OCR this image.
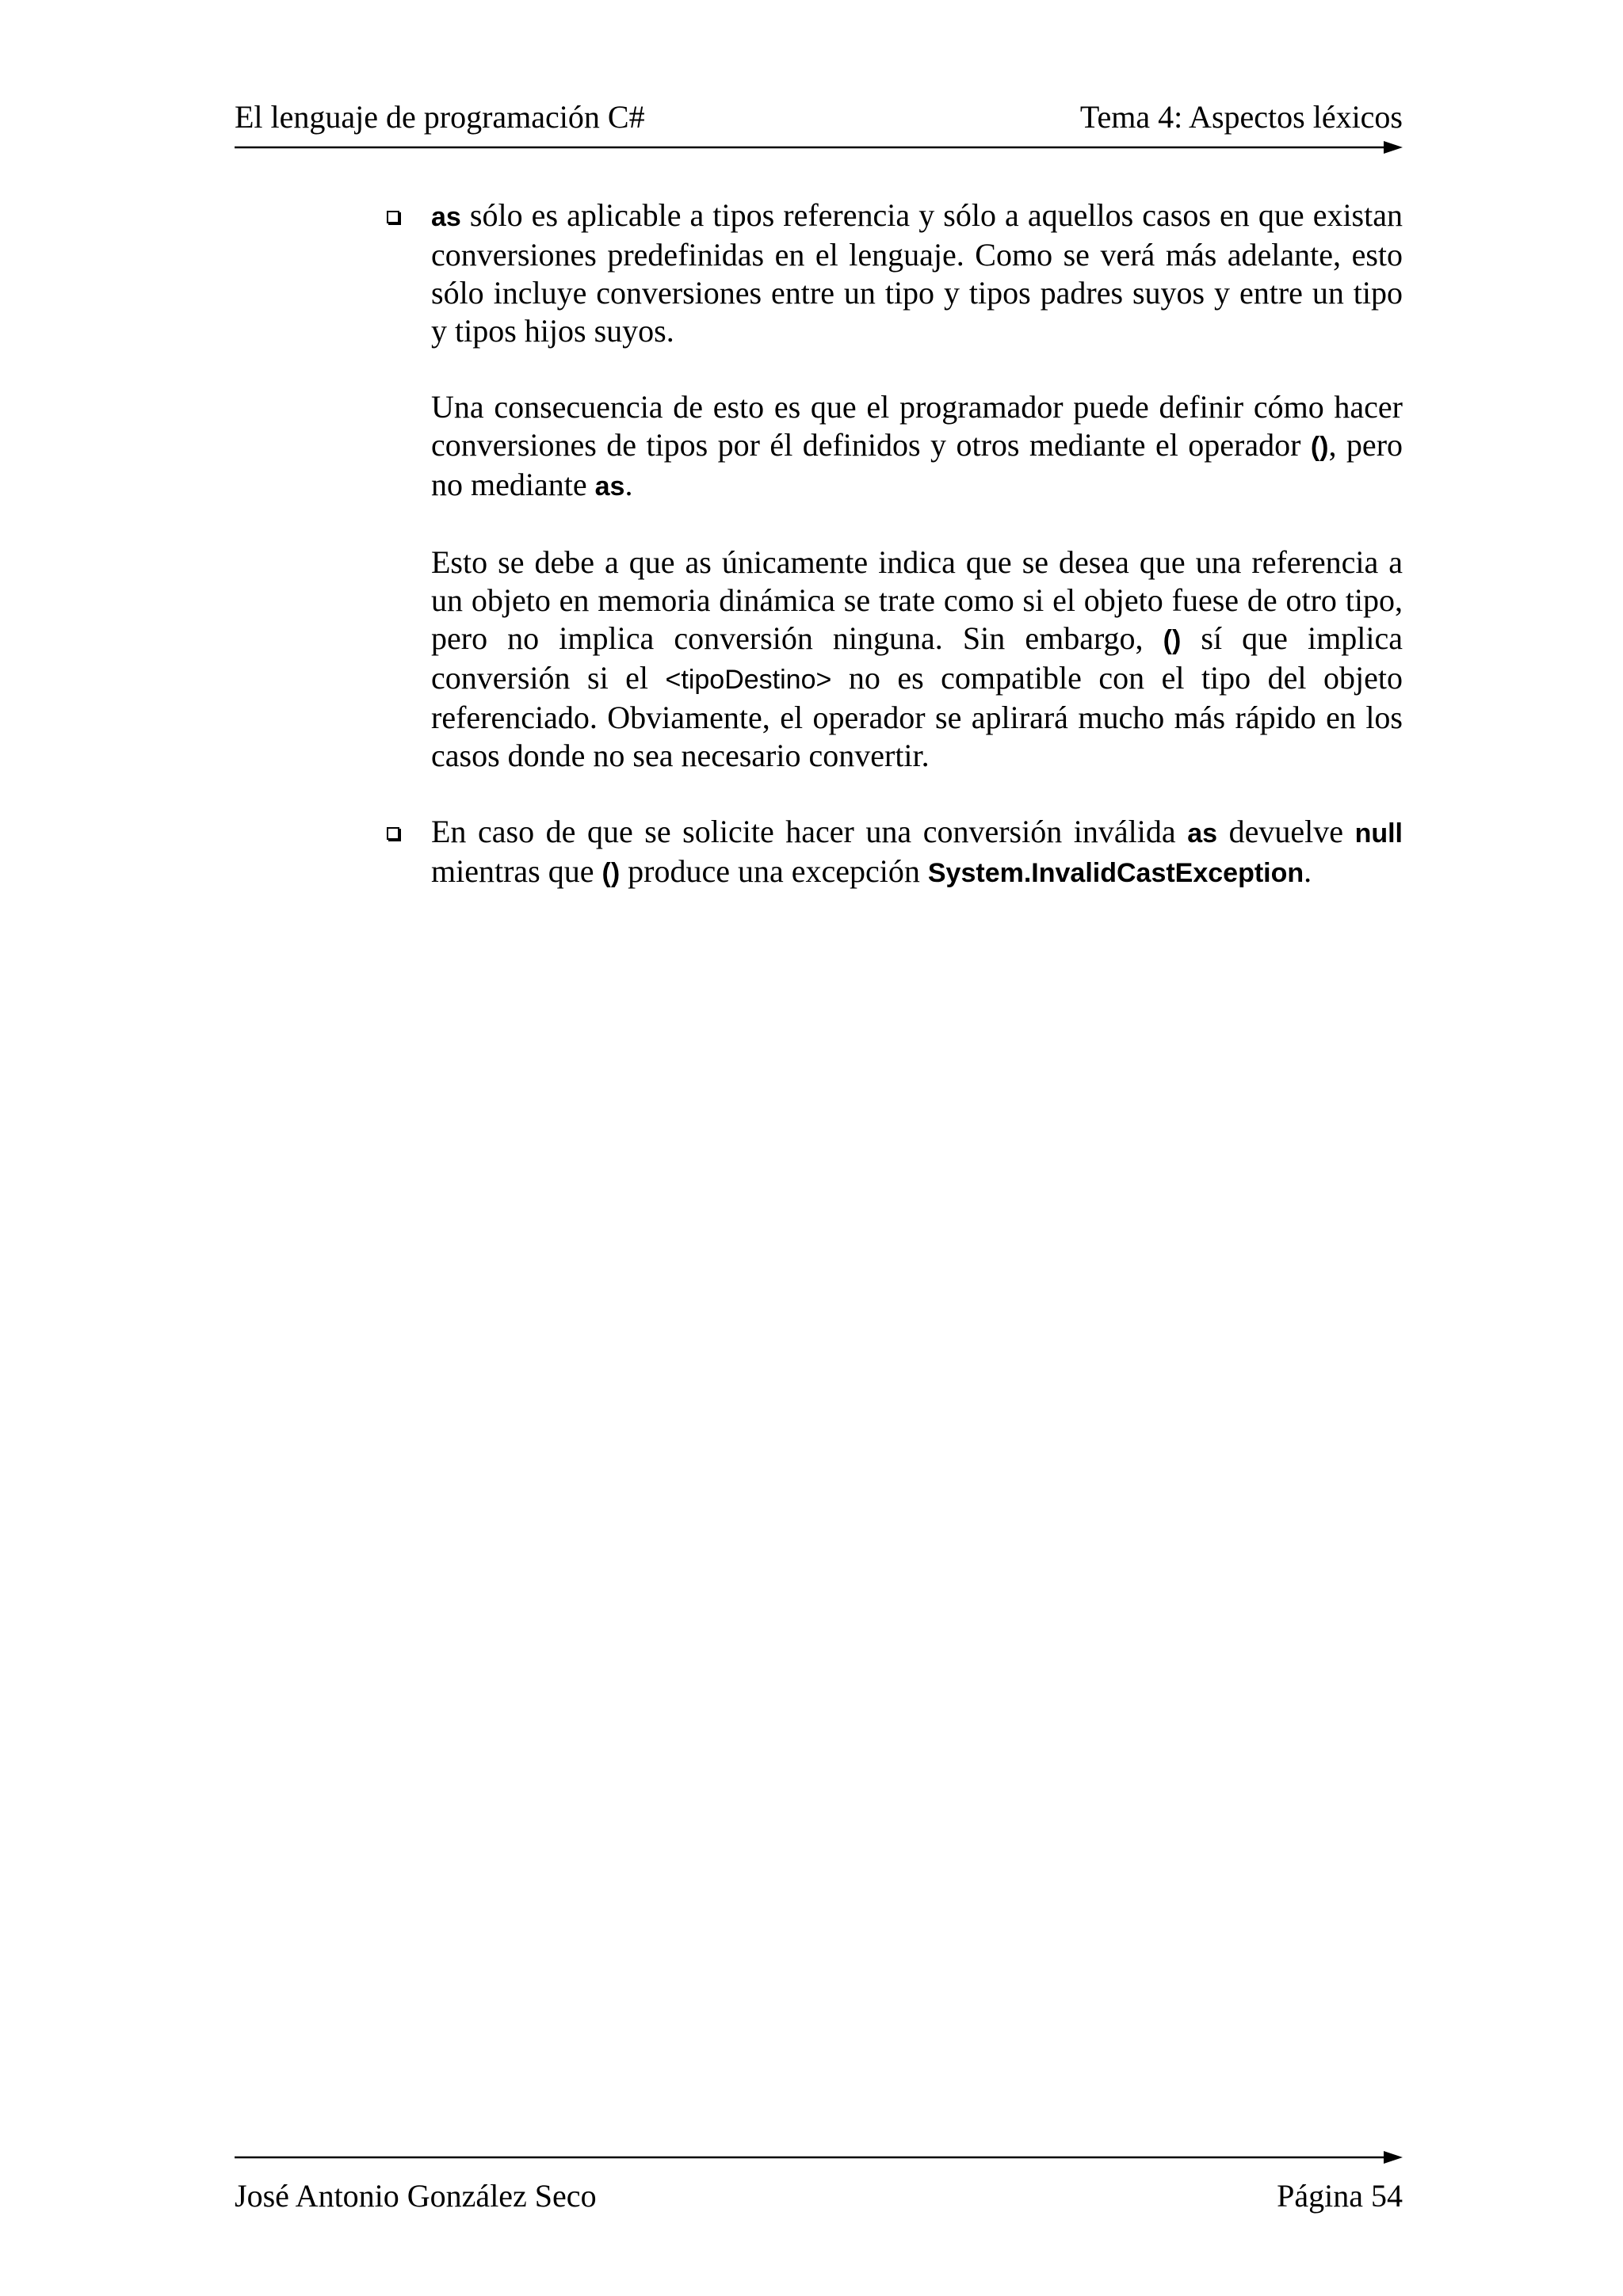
El lenguaje de programación C#	Tema 4: Aspectos léxicos
as sólo es aplicable a tipos referencia y sólo a aquellos casos en que existan conversiones predefinidas en el lenguaje. Como se verá más adelante, esto sólo incluye conversiones entre un tipo y tipos padres suyos y entre un tipo y tipos hijos suyos.
Una consecuencia de esto es que el programador puede definir cómo hacer conversiones de tipos por él definidos y otros mediante el operador (), pero no mediante as.
Esto se debe a que as únicamente indica que se desea que una referencia a un objeto en memoria dinámica se trate como si el objeto fuese de otro tipo, pero no implica conversión ninguna. Sin embargo, () sí que implica conversión si el <tipoDestino> no es compatible con el tipo del objeto referenciado. Obviamente, el operador se aplirará mucho más rápido en los casos donde no sea necesario convertir.
En caso de que se solicite hacer una conversión inválida as devuelve null mientras que () produce una excepción System.InvalidCastException.
José Antonio González Seco	Página 54
